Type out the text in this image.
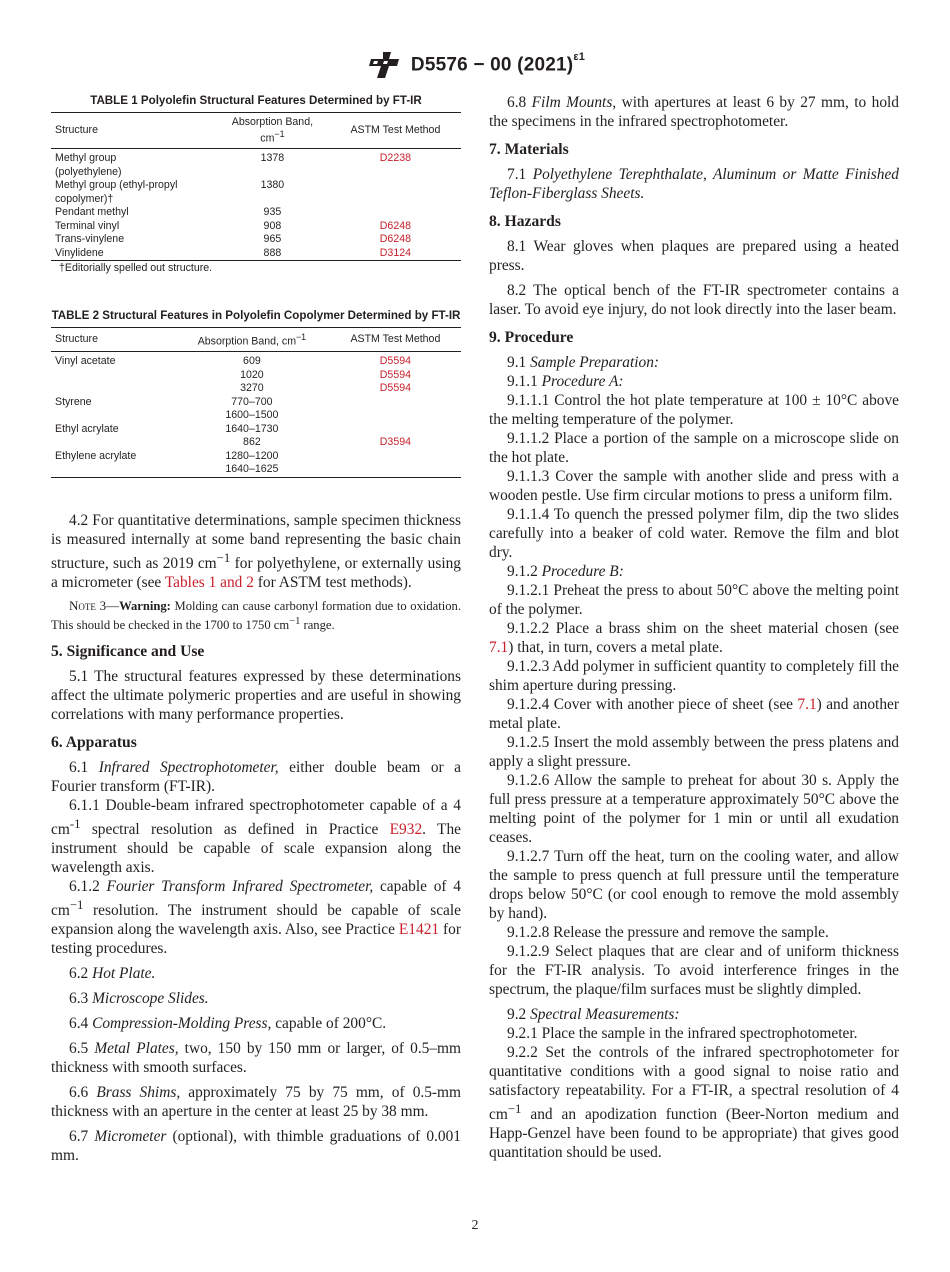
D5576 − 00 $(2021)^{\varepsilon 1}$
TABLE 1 Polyolefin Structural Features Determined by FT-IR
Structure	Absorption Band,
$cm^{-1}$	ASTM Test Method

Methyl group
(polyethylene)	1378	D2238
Methyl group (ethyl-propyl
copolymer)†	1380	
Pendant methyl	935	
Terminal vinyl	908	D6248
Trans-vinylene	965	D6248
Vinylidene	888	D3124
†Editorially spelled out structure.
TABLE 2 Structural Features in Polyolefin Copolymer Determined by FT-IR
Structure	Absorption Band, $cm^{-1}$	ASTM Test Method

Vinyl acetate	609	D5594
	1020	D5594
	3270	D5594
Styrene	770–700	
	1600–1500	
Ethyl acrylate	1640–1730	
	862	D3594
Ethylene acrylate	1280–1200	
	1640–1625	

4.2 For quantitative determinations, sample specimen thickness is measured internally at some band representing the basic chain structure, such as 2019 $cm^{-1}$ for polyethylene, or externally using a micrometer (see Tables 1 and 2 for ASTM test methods).

Note 3—Warning: Molding can cause carbonyl formation due to oxidation. This should be checked in the 1700 to 1750 $cm^{-1}$ range.

5. Significance and Use

5.1 The structural features expressed by these determinations affect the ultimate polymeric properties and are useful in showing correlations with many performance properties.

6. Apparatus

6.1 Infrared Spectrophotometer, either double beam or a Fourier transform (FT-IR).

6.1.1 Double-beam infrared spectrophotometer capable of a 4 $cm^{-1}$ spectral resolution as defined in Practice E932. The instrument should be capable of scale expansion along the wavelength axis.

6.1.2 Fourier Transform Infrared Spectrometer, capable of 4 $cm^{-1}$ resolution. The instrument should be capable of scale expansion along the wavelength axis. Also, see Practice E1421 for testing procedures.

6.2 Hot Plate.

6.3 Microscope Slides.

6.4 Compression-Molding Press, capable of 200°C.

6.5 Metal Plates, two, 150 by 150 mm or larger, of 0.5–mm thickness with smooth surfaces.

6.6 Brass Shims, approximately 75 by 75 mm, of 0.5-mm thickness with an aperture in the center at least 25 by 38 mm.

6.7 Micrometer (optional), with thimble graduations of 0.001 mm.

6.8 Film Mounts, with apertures at least 6 by 27 mm, to hold the specimens in the infrared spectrophotometer.

7. Materials

7.1 Polyethylene Terephthalate, Aluminum or Matte Finished Teflon-Fiberglass Sheets.

8. Hazards

8.1 Wear gloves when plaques are prepared using a heated press.

8.2 The optical bench of the FT-IR spectrometer contains a laser. To avoid eye injury, do not look directly into the laser beam.

9. Procedure

9.1 Sample Preparation:

9.1.1 Procedure A:

9.1.1.1 Control the hot plate temperature at 100 ± 10°C above the melting temperature of the polymer.

9.1.1.2 Place a portion of the sample on a microscope slide on the hot plate.

9.1.1.3 Cover the sample with another slide and press with a wooden pestle. Use firm circular motions to press a uniform film.

9.1.1.4 To quench the pressed polymer film, dip the two slides carefully into a beaker of cold water. Remove the film and blot dry.

9.1.2 Procedure B:

9.1.2.1 Preheat the press to about 50°C above the melting point of the polymer.

9.1.2.2 Place a brass shim on the sheet material chosen (see 7.1) that, in turn, covers a metal plate.

9.1.2.3 Add polymer in sufficient quantity to completely fill the shim aperture during pressing.

9.1.2.4 Cover with another piece of sheet (see 7.1) and another metal plate.

9.1.2.5 Insert the mold assembly between the press platens and apply a slight pressure.

9.1.2.6 Allow the sample to preheat for about 30 s. Apply the full press pressure at a temperature approximately 50°C above the melting point of the polymer for 1 min or until all exudation ceases.

9.1.2.7 Turn off the heat, turn on the cooling water, and allow the sample to press quench at full pressure until the temperature drops below 50°C (or cool enough to remove the mold assembly by hand).

9.1.2.8 Release the pressure and remove the sample.

9.1.2.9 Select plaques that are clear and of uniform thickness for the FT-IR analysis. To avoid interference fringes in the spectrum, the plaque/film surfaces must be slightly dimpled.

9.2 Spectral Measurements:

9.2.1 Place the sample in the infrared spectrophotometer.

9.2.2 Set the controls of the infrared spectrophotometer for quantitative conditions with a good signal to noise ratio and satisfactory repeatability. For a FT-IR, a spectral resolution of 4 $cm^{-1}$ and an apodization function (Beer-Norton medium and Happ-Genzel have been found to be appropriate) that gives good quantitation should be used.

2
